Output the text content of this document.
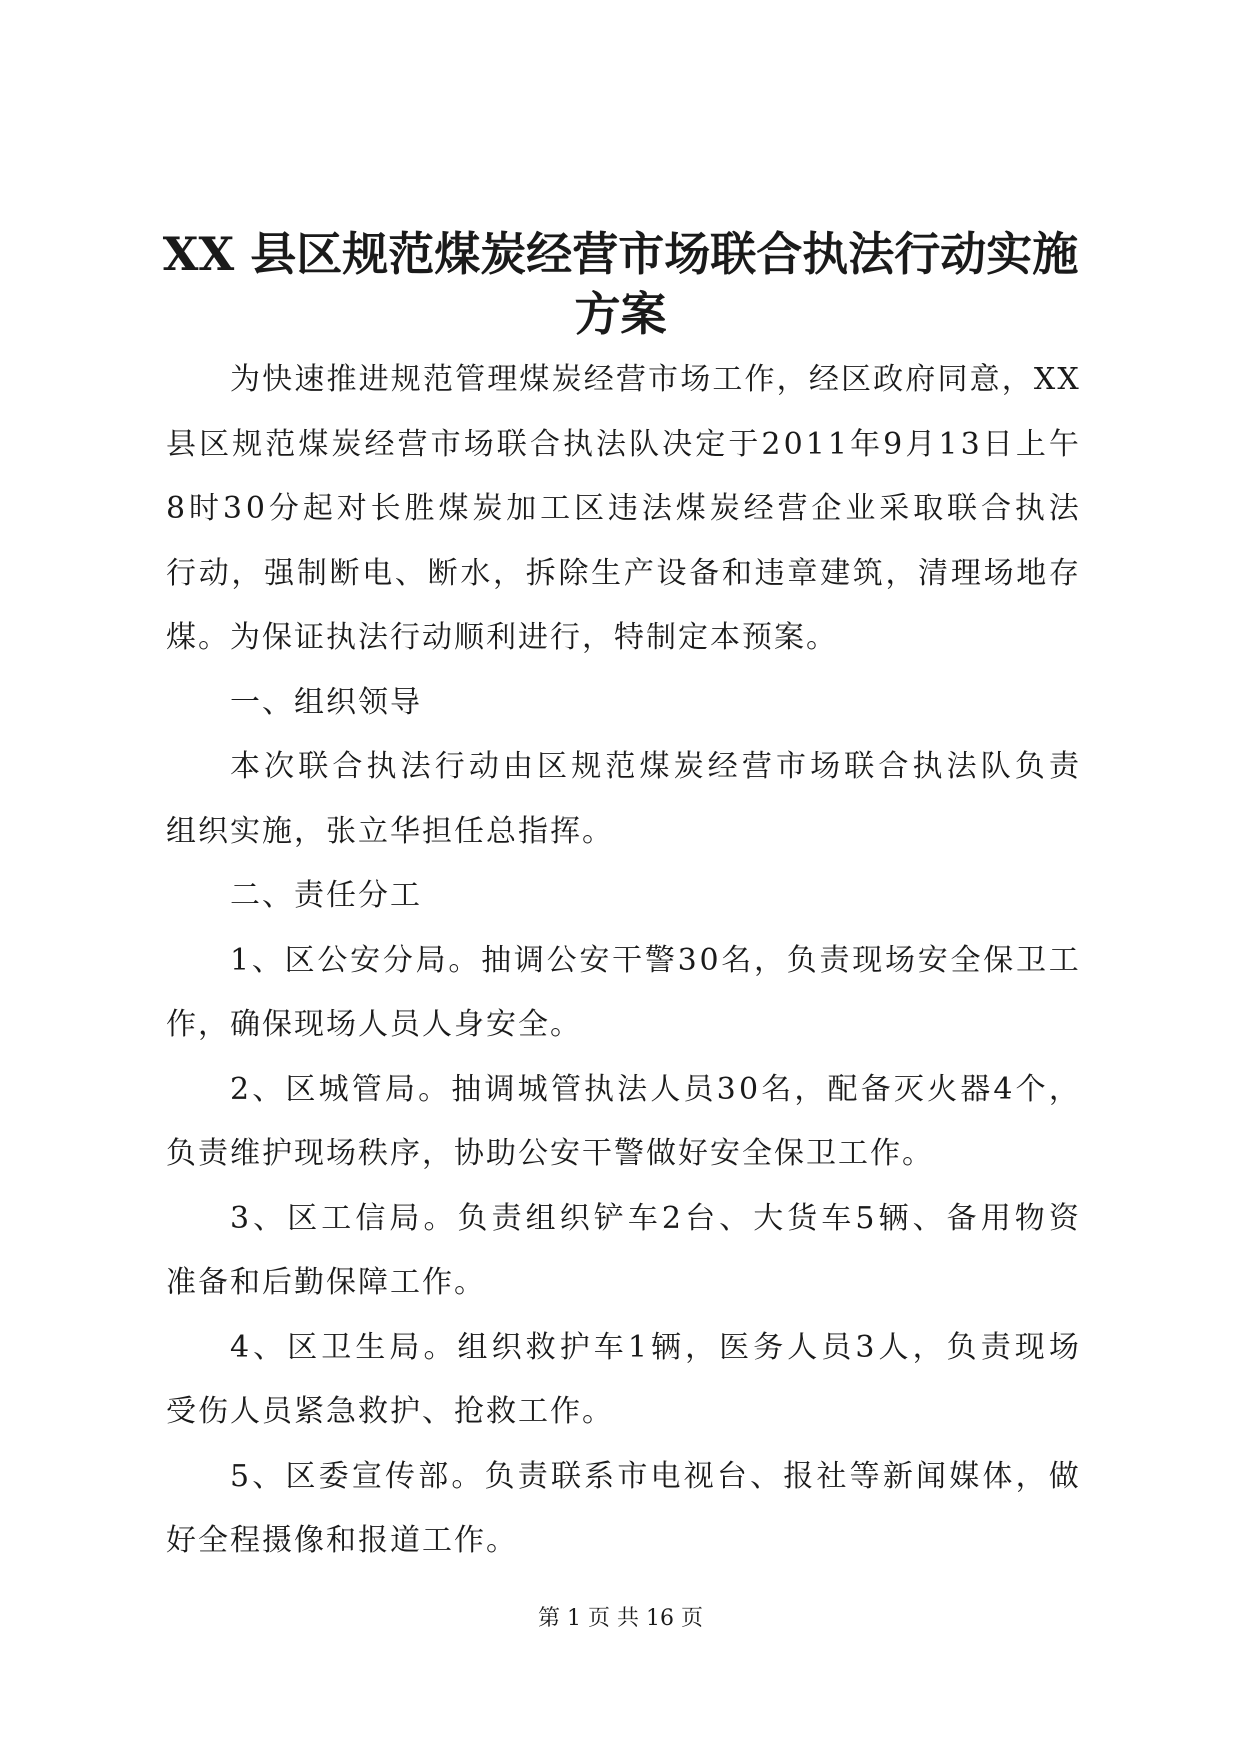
XX 县区规范煤炭经营市场联合执法行动实施
方案
为 快 速 推 进 规 范 管 理 煤 炭 经 营 市 场 工 作 ， 经 区 政 府 同 意 ， X X
县 区 规 范 煤 炭 经 营 市 场 联 合 执 法 队 决 定 于 2 0 1 1 年 9 月 1 3 日 上 午
8 时 3 0 分 起 对 长 胜 煤 炭 加 工 区 违 法 煤 炭 经 营 企 业 采 取 联 合 执 法
行 动 ， 强 制 断 电 、 断 水 ， 拆 除 生 产 设 备 和 违 章 建 筑 ， 清 理 场 地 存
煤。为保证执法行动顺利进行，特制定本预案。
一、组织领导
本 次 联 合 执 法 行 动 由 区 规 范 煤 炭 经 营 市 场 联 合 执 法 队 负 责
组织实施，张立华担任总指挥。
二、责任分工
1 、 区 公 安 分 局 。 抽 调 公 安 干 警 3 0 名 ， 负 责 现 场 安 全 保 卫 工
作，确保现场人员人身安全。
2 、 区 城 管 局 。 抽 调 城 管 执 法 人 员 3 0 名 ， 配 备 灭 火 器 4 个 ，
负责维护现场秩序，协助公安干警做好安全保卫工作。
3 、 区 工 信 局 。 负 责 组 织 铲 车 2 台 、 大 货 车 5 辆 、 备 用 物 资
准备和后勤保障工作。
4 、 区 卫 生 局 。 组 织 救 护 车 1 辆 ， 医 务 人 员 3 人 ， 负 责 现 场
受伤人员紧急救护、抢救工作。
5 、 区 委 宣 传 部 。 负 责 联 系 市 电 视 台 、 报 社 等 新 闻 媒 体 ， 做
好全程摄像和报道工作。
第 1 页 共 16 页
